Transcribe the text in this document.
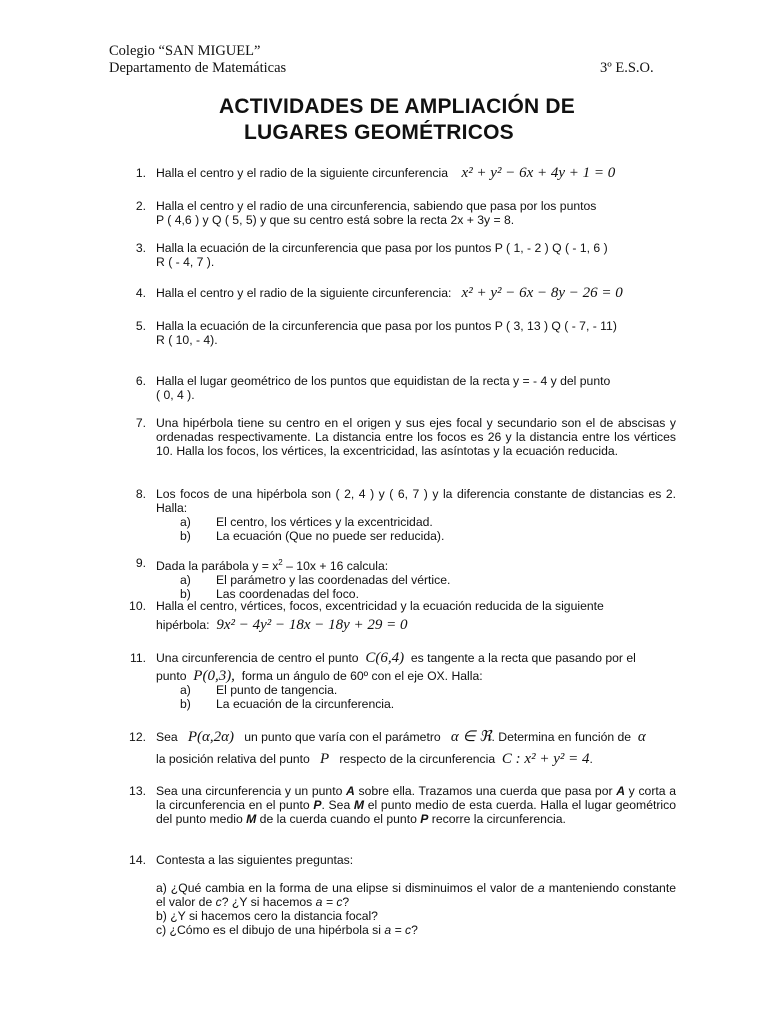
Colegio “SAN MIGUEL”
Departamento de Matemáticas	3º E.S.O.
ACTIVIDADES DE AMPLIACIÓN DE
LUGARES GEOMÉTRICOS
1. Halla el centro y el radio de la siguiente circunferencia x² + y² − 6x + 4y + 1 = 0
2. Halla el centro y el radio de una circunferencia, sabiendo que pasa por los puntos
P ( 4,6 ) y Q ( 5, 5) y que su centro está sobre la recta 2x + 3y = 8.
3. Halla la ecuación de la circunferencia que pasa por los puntos P ( 1, - 2 ) Q ( - 1, 6 )
R ( - 4, 7 ).
4. Halla el centro y el radio de la siguiente circunferencia: x² + y² − 6x − 8y − 26 = 0
5. Halla la ecuación de la circunferencia que pasa por los puntos P ( 3, 13 ) Q ( - 7, - 11)
R ( 10, - 4).
6. Halla el lugar geométrico de los puntos que equidistan de la recta y = - 4 y del punto
( 0, 4 ).
7. Una hipérbola tiene su centro en el origen y sus ejes focal y secundario son el de abscisas y ordenadas respectivamente. La distancia entre los focos es 26 y la distancia entre los vértices 10. Halla los focos, los vértices, la excentricidad, las asíntotas y la ecuación reducida.
8. Los focos de una hipérbola son ( 2, 4 ) y ( 6, 7 ) y la diferencia constante de distancias es 2. Halla:
a) El centro, los vértices y la excentricidad.
b) La ecuación (Que no puede ser reducida).
9. Dada la parábola $y = x^2 - 10x + 16$ calcula:
a) El parámetro y las coordenadas del vértice.
b) Las coordenadas del foco.
10. Halla el centro, vértices, focos, excentricidad y la ecuación reducida de la siguiente
hipérbola: 9x² − 4y² − 18x − 18y + 29 = 0
11. Una circunferencia de centro el punto C(6,4) es tangente a la recta que pasando por el
punto P(0,3), forma un ángulo de 60º con el eje OX. Halla:
a) El punto de tangencia.
b) La ecuación de la circunferencia.
12. Sea P(α,2α) un punto que varía con el parámetro α ∈ ℜ. Determina en función de α
la posición relativa del punto P respecto de la circunferencia C : x² + y² = 4.
13. Sea una circunferencia y un punto A sobre ella. Trazamos una cuerda que pasa por A y corta a la circunferencia en el punto P. Sea M el punto medio de esta cuerda. Halla el lugar geométrico del punto medio M de la cuerda cuando el punto P recorre la circunferencia.
14. Contesta a las siguientes preguntas:
a) ¿Qué cambia en la forma de una elipse si disminuimos el valor de a manteniendo constante el valor de c? ¿Y si hacemos a = c?
b) ¿Y si hacemos cero la distancia focal?
c) ¿Cómo es el dibujo de una hipérbola si a = c?
